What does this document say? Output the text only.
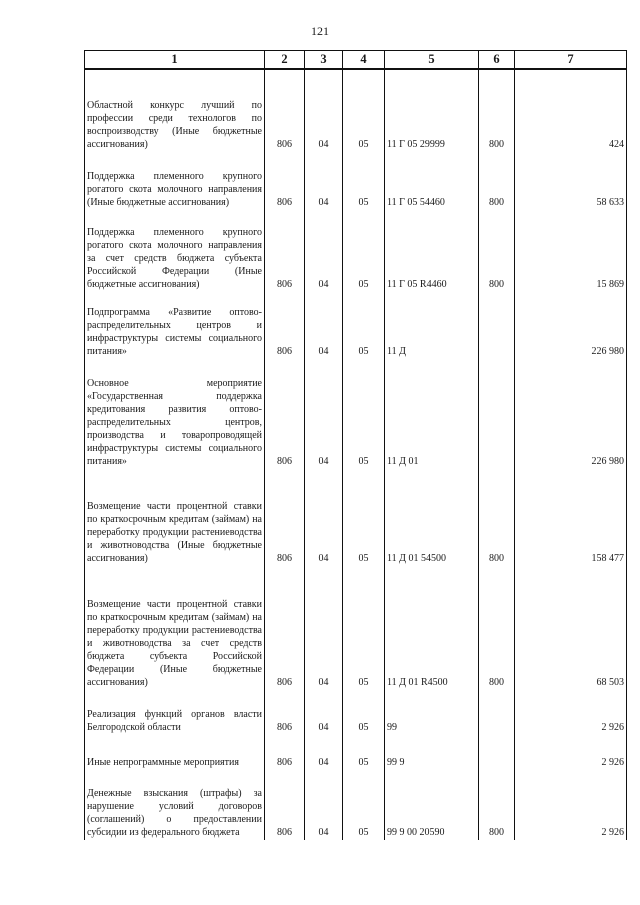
121
1	2	3	4	5	6	7
Областной конкурс лучший по профессии среди технологов по воспроизводству (Иные бюджетные ассигнования)	806	04	05	11 Г 05 29999	800	424
Поддержка племенного крупного рогатого скота молочного направления (Иные бюджетные ассигнования)	806	04	05	11 Г 05 54460	800	58 633
Поддержка племенного крупного рогатого скота молочного направления за счет средств бюджета субъекта Российской Федерации (Иные бюджетные ассигнования)	806	04	05	11 Г 05 R4460	800	15 869
Подпрограмма «Развитие оптово-распределительных центров и инфраструктуры системы социального питания»	806	04	05	11 Д		226 980
Основное мероприятие «Государственная поддержка кредитования развития оптово-распределительных центров, производства и товаропроводящей инфраструктуры системы социального питания»	806	04	05	11 Д 01		226 980
Возмещение части процентной ставки по краткосрочным кредитам (займам) на переработку продукции растениеводства и животноводства (Иные бюджетные ассигнования)	806	04	05	11 Д 01 54500	800	158 477
Возмещение части процентной ставки по краткосрочным кредитам (займам) на переработку продукции растениеводства и животноводства за счет средств бюджета субъекта Российской Федерации (Иные бюджетные ассигнования)	806	04	05	11 Д 01 R4500	800	68 503
Реализация функций органов власти Белгородской области	806	04	05	99		2 926
Иные непрограммные мероприятия	806	04	05	99 9		2 926
Денежные взыскания (штрафы) за нарушение условий договоров (соглашений) о предоставлении субсидии из федерального бюджета	806	04	05	99 9 00 20590	800	2 926
